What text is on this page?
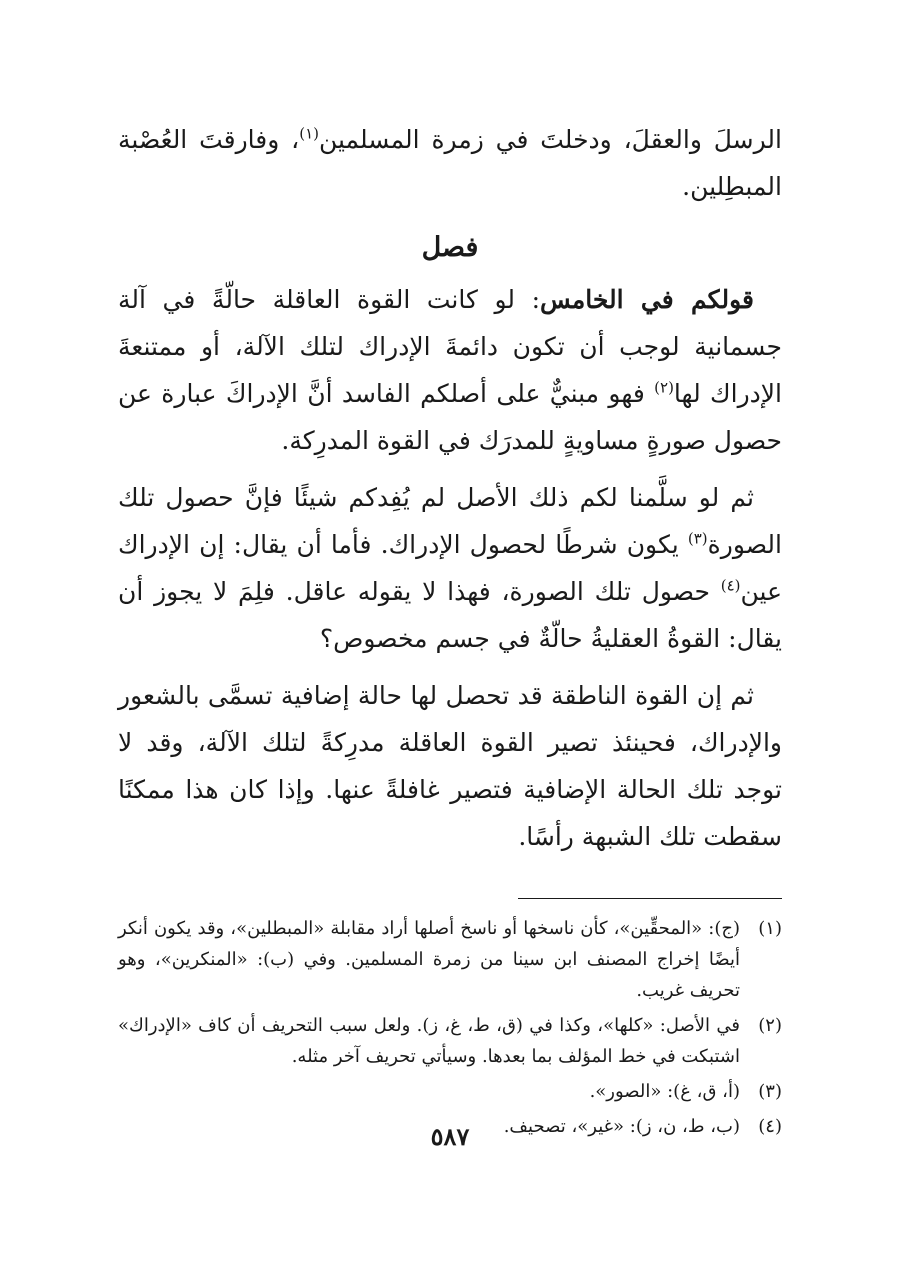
الرسلَ والعقلَ، ودخلتَ في زمرة المسلمين$^{(١)}$، وفارقتَ العُصْبة المبطِلين.

فصل

قولكم في الخامس: لو كانت القوة العاقلة حالّةً في آلة جسمانية لوجب أن تكون دائمةَ الإدراك لتلك الآلة، أو ممتنعةَ الإدراك لها$^{(٢)}$ فهو مبنيٌّ على أصلكم الفاسد أنَّ الإدراكَ عبارة عن حصول صورةٍ مساويةٍ للمدرَك في القوة المدرِكة.

ثم لو سلَّمنا لكم ذلك الأصل لم يُفِدكم شيئًا فإنَّ حصول تلك الصورة$^{(٣)}$ يكون شرطًا لحصول الإدراك. فأما أن يقال: إن الإدراك عين$^{(٤)}$ حصول تلك الصورة، فهذا لا يقوله عاقل. فلِمَ لا يجوز أن يقال: القوةُ العقليةُ حالّةٌ في جسم مخصوص؟

ثم إن القوة الناطقة قد تحصل لها حالة إضافية تسمَّى بالشعور والإدراك، فحينئذ تصير القوة العاقلة مدرِكةً لتلك الآلة، وقد لا توجد تلك الحالة الإضافية فتصير غافلةً عنها. وإذا كان هذا ممكنًا سقطت تلك الشبهة رأسًا.

(١)
(ج): «المحقِّين»، كأن ناسخها أو ناسخ أصلها أراد مقابلة «المبطلين»، وقد يكون أنكر أيضًا إخراج المصنف ابن سينا من زمرة المسلمين. وفي (ب): «المنكرين»، وهو تحريف غريب.
(٢)
في الأصل: «كلها»، وكذا في (ق، ط، غ، ز). ولعل سبب التحريف أن كاف «الإدراك» اشتبكت في خط المؤلف بما بعدها. وسيأتي تحريف آخر مثله.
(٣)
(أ، ق، غ): «الصور».
(٤)
(ب، ط، ن، ز): «غير»، تصحيف.
٥٨٧
